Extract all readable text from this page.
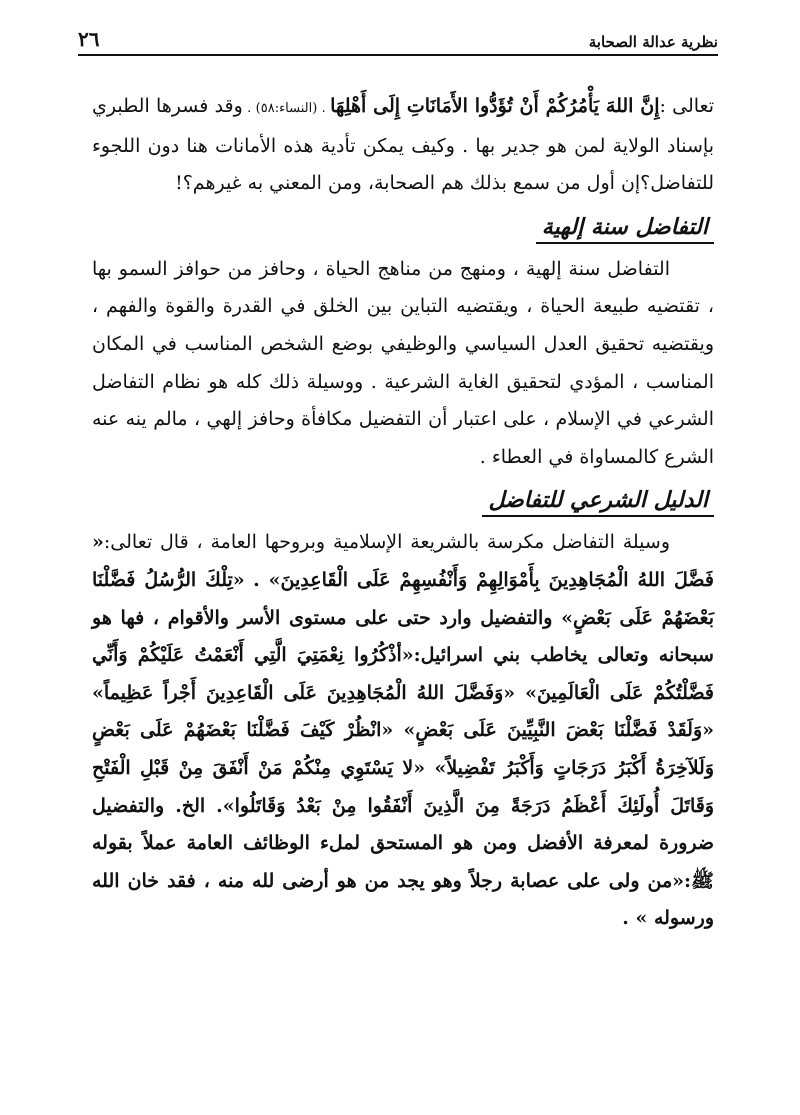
نظرية عدالة الصحابة
٢٦

تعالى :إِنَّ اللهَ يَأْمُرُكُمْ أَنْ تُؤَدُّوا الأَمَانَاتِ إِلَى أَهْلِهَا . (النساء:٥٨) . وقد فسرها الطبري بإسناد الولاية لمن هو جدير بها . وكيف يمكن تأدية هذه الأمانات هنا دون اللجوء للتفاضل؟إن أول من سمع بذلك هم الصحابة، ومن المعني به غيرهم؟!

التفاضل سنة إلهية

التفاضل سنة إلهية ، ومنهج من مناهج الحياة ، وحافز من حوافز السمو بها ، تقتضيه طبيعة الحياة ، ويقتضيه التباين بين الخلق في القدرة والقوة والفهم ، ويقتضيه تحقيق العدل السياسي والوظيفي بوضع الشخص المناسب في المكان المناسب ، المؤدي لتحقيق الغاية الشرعية . ووسيلة ذلك كله هو نظام التفاضل الشرعي في الإسلام ، على اعتبار أن التفضيل مكافأة وحافز إلهي ، مالم ينه عنه الشرع كالمساواة في العطاء .

الدليل الشرعي للتفاضل

وسيلة التفاضل مكرسة بالشريعة الإسلامية وبروحها العامة ، قال تعالى:« فَضَّلَ اللهُ الْمُجَاهِدِينَ بِأَمْوَالِهِمْ وَأَنْفُسِهِمْ عَلَى الْقَاعِدِينَ» . «تِلْكَ الرُّسُلُ فَضَّلْنَا بَعْضَهُمْ عَلَى بَعْضٍ» والتفضيل وارد حتى على مستوى الأسر والأقوام ، فها هو سبحانه وتعالى يخاطب بني اسرائيل:«أذْكُرُوا نِعْمَتِيَ الَّتِي أَنْعَمْتُ عَلَيْكُمْ وَأَنِّي فَضَّلْتُكُمْ عَلَى الْعَالَمِينَ» «وَفَضَّلَ اللهُ الْمُجَاهِدِينَ عَلَى الْقَاعِدِينَ أَجْراً عَظِيماً» «وَلَقَدْ فَضَّلْنَا بَعْضَ النَّبِيِّينَ عَلَى بَعْضٍ» «انْظُرْ كَيْفَ فَضَّلْنَا بَعْضَهُمْ عَلَى بَعْضٍ وَلَلآخِرَةُ أَكْبَرُ دَرَجَاتٍ وَأَكْبَرُ تَفْضِيلاً» «لا يَسْتَوِي مِنْكُمْ مَنْ أَنْفَقَ مِنْ قَبْلِ الْفَتْحِ وَقَاتَلَ أُولَئِكَ أَعْظَمُ دَرَجَةً مِنَ الَّذِينَ أَنْفَقُوا مِنْ بَعْدُ وَقَاتَلُوا». الخ. والتفضيل ضرورة لمعرفة الأفضل ومن هو المستحق لملء الوظائف العامة عملاً بقوله ﷺ:«من ولى على عصابة رجلاً وهو يجد من هو أرضى لله منه ، فقد خان الله ورسوله » .
